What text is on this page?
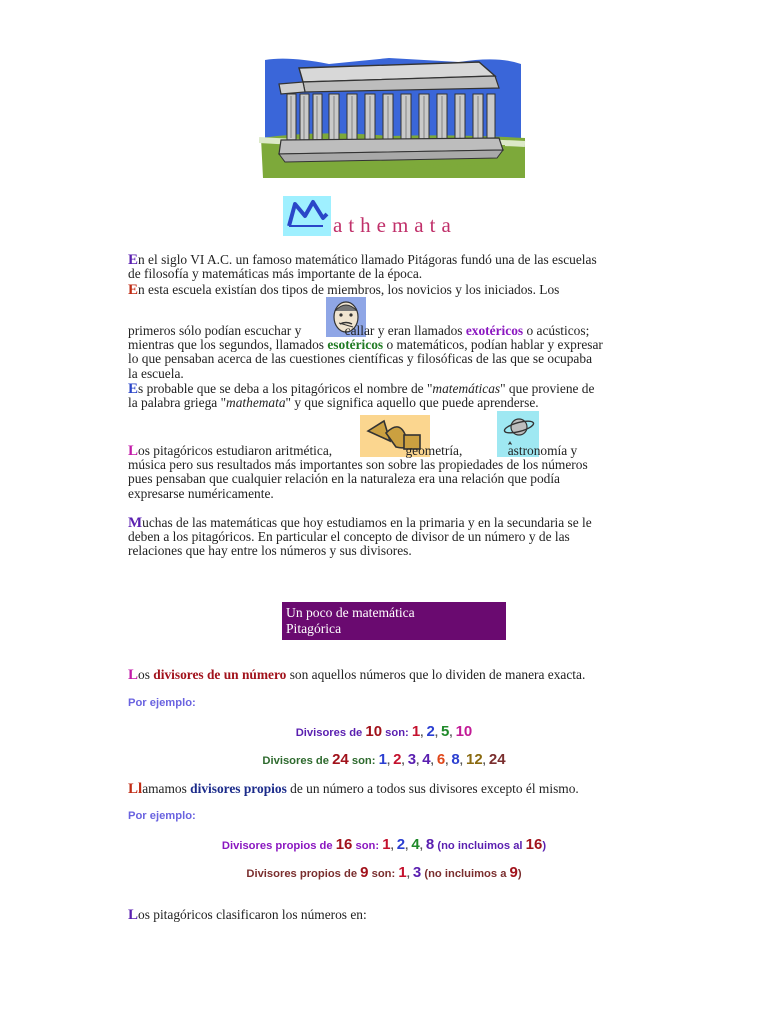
athemata
En el siglo VI A.C. un famoso matemático llamado Pitágoras fundó una de las escuelas
de filosofía y matemáticas más importante de la época.
En esta escuela existían dos tipos de miembros, los novicios y los iniciados. Los
primeros sólo podían escuchar y	callar y eran llamados exotéricos o acústicos;
mientras que los segundos, llamados esotéricos o matemáticos, podían hablar y expresar
lo que pensaban acerca de las cuestiones científicas y filosóficas de las que se ocupaba
la escuela.
Es probable que se deba a los pitagóricos el nombre de "matemáticas" que proviene de
la palabra griega "mathemata" y que significa aquello que puede aprenderse.
Los pitagóricos estudiaron aritmética,	geometría,	astronomía y
música pero sus resultados más importantes son sobre las propiedades de los números
pues pensaban que cualquier relación en la naturaleza era una relación que podía
expresarse numéricamente.
Muchas de las matemáticas que hoy estudiamos en la primaria y en la secundaria se le
deben a los pitagóricos. En particular el concepto de divisor de un número y de las
relaciones que hay entre los números y sus divisores.
Un poco de matemática
Pitagórica
Los divisores de un número son aquellos números que lo dividen de manera exacta.
Por ejemplo:
Divisores de 10 son: 1, 2, 5, 10
Divisores de 24 son: 1, 2, 3, 4, 6, 8, 12, 24
Llamamos divisores propios de un número a todos sus divisores excepto él mismo.
Por ejemplo:
Divisores propios de 16 son: 1, 2, 4, 8 (no incluimos al 16)
Divisores propios de 9 son: 1, 3 (no incluimos a 9)
Los pitagóricos clasificaron los números en:
